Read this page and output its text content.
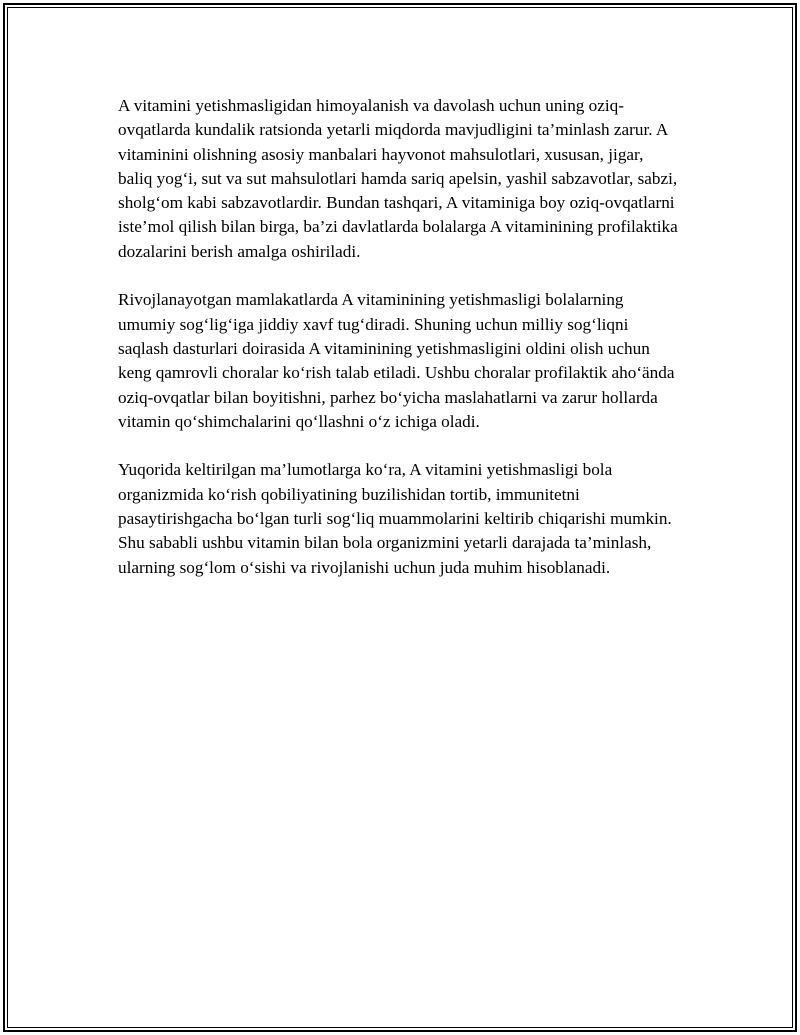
A vitamini yetishmasligidan himoyalanish va davolash uchun uning oziq-ovqatlarda kundalik ratsionda yetarli miqdorda mavjudligini ta’minlash zarur. A vitaminini olishning asosiy manbalari hayvonot mahsulotlari, xususan, jigar, baliq yog‘i, sut va sut mahsulotlari hamda sariq apelsin, yashil sabzavotlar, sabzi, sholg‘om kabi sabzavotlardir. Bundan tashqari, A vitaminiga boy oziq-ovqatlarni iste’mol qilish bilan birga, ba’zi davlatlarda bolalarga A vitaminining profilaktika dozalarini berish amalga oshiriladi.

Rivojlanayotgan mamlakatlarda A vitaminining yetishmasligi bolalarning umumiy sog‘lig‘iga jiddiy xavf tug‘diradi. Shuning uchun milliy sog‘liqni saqlash dasturlari doirasida A vitaminining yetishmasligini oldini olish uchun keng qamrovli choralar ko‘rish talab etiladi. Ushbu choralar profilaktik aho‘ända oziq-ovqatlar bilan boyitishni, parhez bo‘yicha maslahatlarni va zarur hollarda vitamin qo‘shimchalarini qo‘llashni o‘z ichiga oladi.

Yuqorida keltirilgan ma’lumotlarga ko‘ra, A vitamini yetishmasligi bola organizmida ko‘rish qobiliyatining buzilishidan tortib, immunitetni pasaytirishgacha bo‘lgan turli sog‘liq muammolarini keltirib chiqarishi mumkin. Shu sababli ushbu vitamin bilan bola organizmini yetarli darajada ta’minlash, ularning sog‘lom o‘sishi va rivojlanishi uchun juda muhim hisoblanadi.
